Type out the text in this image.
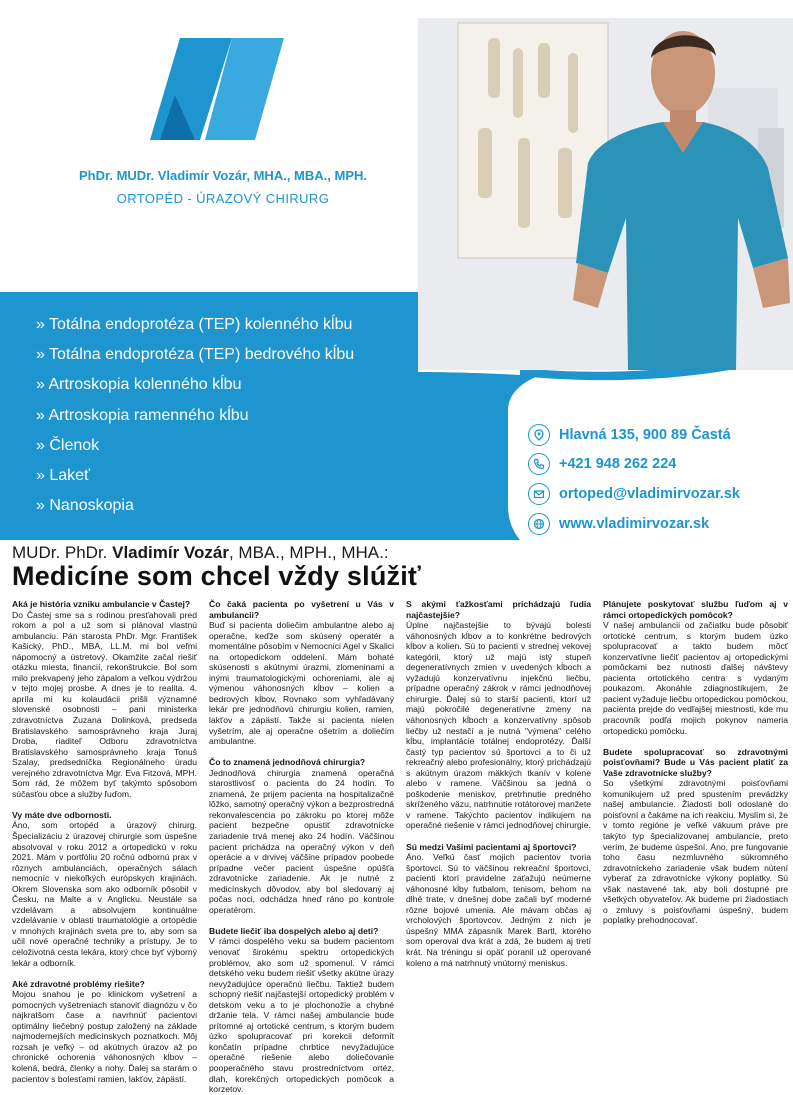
PhDr. MUDr. Vladimír Vozár, MHA., MBA., MPH.
ORTOPÉD - ÚRAZOVÝ CHIRURG
» Totálna endoprotéza (TEP) kolenného kĺbu
» Totálna endoprotéza (TEP) bedrového kĺbu
» Artroskopia kolenného kĺbu
» Artroskopia ramenného kĺbu
» Členok
» Lakeť
» Nanoskopia
Hlavná 135, 900 89 Častá
+421 948 262 224
ortoped@vladimirvozar.sk
www.vladimirvozar.sk
MUDr. PhDr. Vladimír Vozár, MBA., MPH., MHA.:
Medicíne som chcel vždy slúžiť

Aká je história vzniku ambulancie v Častej?

Do Častej sme sa s rodinou presťahovali pred rokom a pol a už som si plánoval vlastnú ambulanciu. Pán starosta PhDr. Mgr. František Kašický, PhD., MBA, LL.M. mi bol veľmi nápomocný a ústretový. Okamžite začal riešiť otázku miesta, financií, rekonštrukcie. Bol som milo prekvapený jeho zápalom a veľkou výdržou v tejto mojej prosbe. A dnes je to realita. 4. apríla mi ku kolaudácii prišli významné slovenské osobnosti – pani ministerka zdravotníctva Zuzana Dolinková, predseda Bratislavského samosprávneho kraja Juraj Droba, riaditeľ Odboru zdravotníctva Bratislavského samosprávneho kraja Tonuš Szalay, predsedníčka Regionálneho úradu verejného zdravotníctva Mgr. Eva Fitzová, MPH. Som rád, že môžem byť takýmto spôsobom súčasťou obce a služby ľuďom.

Vy máte dve odbornosti.

Áno, som ortopéd a úrazový chirurg. Špecializáciu z úrazovej chirurgie som úspešne absolvoval v roku 2012 a ortopedickú v roku 2021. Mám v portfóliu 20 ročnú odbornú prax v rôznych ambulanciách, operačných sálach nemocníc v niekoľkých európskych krajinách. Okrem Slovenska som ako odborník pôsobil v Česku, na Malte a v Anglicku. Neustále sa vzdelávam a absolvujem kontinuálne vzdelávanie v oblasti traumatológie a ortopédie v mnohých krajinách sveta pre to, aby som sa učil nové operačné techniky a prístupy. Je to celoživotná cesta lekára, ktorý chce byť výborný lekár a odborník.

Aké zdravotné problémy riešite?

Mojou snahou je po klinickom vyšetrení a pomocných vyšetreniach stanoviť diagnózu v čo najkratšom čase a navrhnúť pacientovi optimálny liečebný postup založený na základe najmodernejších medicínskych poznatkoch. Môj rozsah je veľký – od akútnych úrazov až po chronické ochorenia váhonosných kĺbov – kolená, bedrá, členky a nohy. Ďalej sa starám o pacientov s bolesťami ramien, lakťov, zápästí.

Čo čaká pacienta po vyšetrení u Vás v ambulancii?

Buď si pacienta doliečim ambulantne alebo aj operačne, keďže som skúsený operatér a momentálne pôsobím v Nemocnici Agel v Skalici na ortopedickom oddelení. Mám bohaté skúsenosti s akútnymi úrazmi, zlomeninami a inými traumatologickými ochoreniami, ale aj výmenou váhonosných kĺbov – kolien a bedrových kĺbov. Rovnako som vyhľadávaný lekár pre jednodňovú chirurgiu kolien, ramien, lakťov a zápästí. Takže si pacienta nielen vyšetrím, ale aj operačne ošetrím a doliečim ambulantne.

Čo to znamená jednodňová chirurgia?

Jednodňová chirurgia znamená operačná starostlivosť o pacienta do 24 hodín. To znamená, že prijem pacienta na hospitalizačné lôžko, samotný operačný výkon a bezprostredná rekonvalescencia po zákroku po ktorej môže pacient bezpečne opustiť zdravotnícke zariadenie trvá menej ako 24 hodín. Väčšinou pacient prichádza na operačný výkon v deň operácie a v drvivej väčšine prípadov poobede prípadne večer pacient úspešne opúšťa zdravotnícke zariadenie. Ak je nutné z medicínskych dôvodov, aby bol sledovaný aj počas noci, odchádza hneď ráno po kontrole operatérom.

Budete liečiť iba dospelých alebo aj deti?

V rámci dospelého veku sa budem pacientom venovať širokému spektru ortopedických problémov, ako som už spomenul. V rámci detského veku budem riešiť všetky akútne úrazy nevyžadujúce operačnú liečbu. Taktiež budem schopný riešiť najčastejší ortopedický problém v detskom veku a to je plochonožie a chybné držanie tela. V rámci našej ambulancie bude prítomné aj ortotické centrum, s ktorým budem úzko spolupracovať pri korekcii deformít končatín prípadne chrbtice nevyžadujúce operačné riešenie alebo doliečovanie pooperačného stavu prostredníctvom ortéz, dlah, korekčných ortopedických pomôcok a korzetov.

S akými ťažkosťami prichádzajú ľudia najčastejšie?

Úplne najčastejšie to bývajú bolesti váhonosných kĺbov a to konkrétne bedrových kĺbov a kolien. Sú to pacienti v strednej vekovej kategórii, ktorý už majú istý stupeň degeneratívnych zmien v uvedených kĺboch a vyžadujú konzervatívnu injekčnú liečbu, prípadne operačný zákrok v rámci jednodňovej chirurgie. Ďalej sú to starší pacienti, ktorí už majú pokročilé degeneratívne zmeny na váhonosných kĺboch a konzervatívny spôsob liečby už nestačí a je nutná "výmena" celého kĺbu, implantácie totálnej endoprotézy. Ďalší častý typ pacientov sú športovci a to či už rekreačný alebo profesionálny, ktorý prichádzajú s akútnym úrazom mäkkých tkanív v kolene alebo v ramene. Väčšinou sa jedná o poškodenie meniskov, pretrhnutie predného skríženého väzu, natrhnutie rotátorovej manžete v ramene. Takýchto pacientov indikujem na operačné riešenie v rámci jednodňovej chirurgie.

Sú medzi Vašimi pacientami aj športovci?

Áno. Veľkú časť mojich pacientov tvoria športovci. Sú to väčšinou rekreační športovci, pacienti ktorí pravidelne zaťažujú neúmerne váhonosné kĺby futbalom, tenisom, behom na dlhé trate, v dnešnej dobe začali byť moderné rôzne bojové umenia. Ale mávam občas aj vrcholových športovcov. Jedným z nich je úspešný MMA zápasník Marek Bartl, ktorého som operoval dva krát a zdá, že budem aj tretí krát. Na tréningu si opäť poranil už operované koleno a má natrhnutý vnútorný meniskus.

Plánujete poskytovať službu ľuďom aj v rámci ortopedických pomôcok?

V našej ambulancii od začiatku bude pôsobiť ortotické centrum, s ktorým budem úzko spolupracovať a takto budem môcť konzervatívne liečiť pacientov aj ortopedickými pomôckami bez nutnosti ďalšej návštevy pacienta ortotického centra s vydaným poukazom. Akonáhle zdiagnostikujem, že pacient vyžaduje liečbu ortopedickou pomôckou, pacienta prejde do vedľajšej miestnosti, kde mu pracovník podľa mojich pokynov nameria ortopedickú pomôcku.

Budete spolupracovať so zdravotnými poisťovňami? Bude u Vás pacient platiť za Vaše zdravotnícke služby?

So všetkými zdravotnými poisťovňami komunikujem už pred spustením prevádzky našej ambulancie. Žiadosti boli odoslané do poisťovní a čakáme na ich reakciu. Myslím si, že v tomto regióne je veľké vákuum práve pre takýto typ špecializovanej ambulancie, preto verím, že budeme úspešní. Áno, pre fungovanie toho času nezmluvného súkromného zdravotníckeho zariadenie však budem nútení vyberať za zdravotnícke výkony poplatky. Sú však nastavené tak, aby boli dostupné pre všetkých obyvateľov. Ak budeme pri žiadostiach o zmluvy s poisťovňami úspešný, budem poplatky prehodnocovať.
